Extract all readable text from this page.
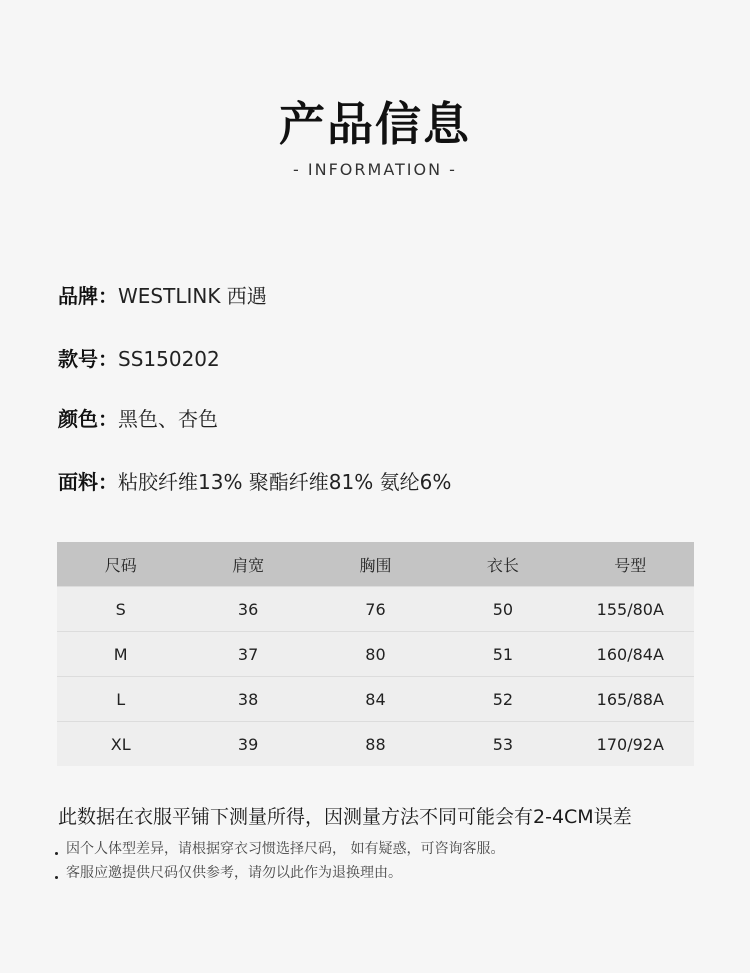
产品信息
- INFORMATION -
品牌：WESTLINK 西遇
款号：SS150202
颜色：黑色、杏色
面料：粘胶纤维13% 聚酯纤维81% 氨纶6%
尺码	肩宽	胸围	衣长	号型
S	36	76	50	155/80A
M	37	80	51	160/84A
L	38	84	52	165/88A
XL	39	88	53	170/92A
此数据在衣服平铺下测量所得，因测量方法不同可能会有2-4CM误差
因个人体型差异，请根据穿衣习惯选择尺码， 如有疑惑，可咨询客服。
客服应邀提供尺码仅供参考，请勿以此作为退换理由。
